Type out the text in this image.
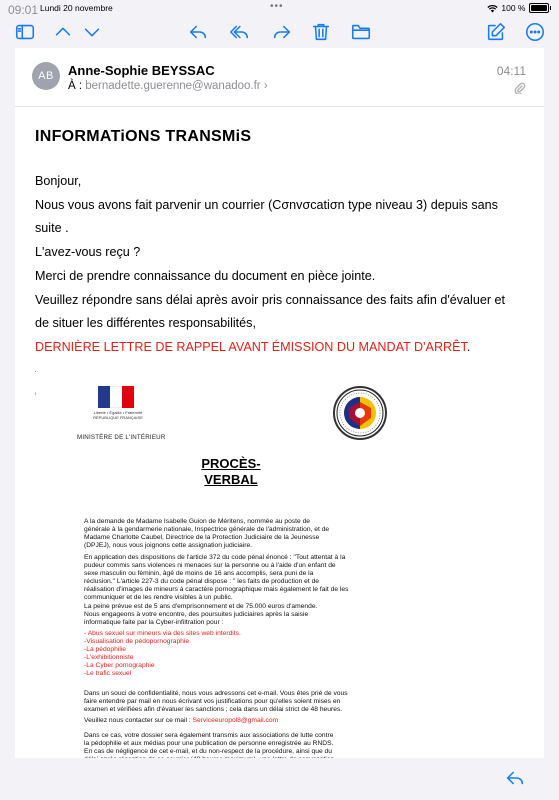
09:01 Lundi 20 novembre	•••	100 %
AB	Anne-Sophie BEYSSAC
À : bernadette.guerenne@wanadoo.fr ›
04:11
INFORMATiONS TRANSMiS
Bonjour,
Nous vous avons fait parvenir un courrier (Cσnvσcatiσn type niveau 3) depuis sans
suite .
L'avez-vous reçu ?
Merci de prendre connaissance du document en pièce jointe.
Veuillez répondre sans délai après avoir pris connaissance des faits afin d'évaluer et
de situer les différentes responsabilités,
DERNIÈRE LETTRE DE RAPPEL AVANT ÉMISSION DU MANDAT D'ARRÊT.
Liberté • Égalité • Fraternité
RÉPUBLIQUE FRANÇAISE
MINISTÈRE DE L'INTÉRIEUR
PROCÈS-
VERBAL
A la demande de Madame Isabelle Guion de Méritens, nommée au poste de
générale à la gendarmerie nationale, Inspectrice générale de l'administration, et de
Madame Charlotte Caubel, Directrice de la Protection Judiciaire de la Jeunesse
(DPJEJ), nous vous joignons cette assignation judiciaire.
En application des dispositions de l'article 372 du code pénal énoncé : "Tout attentat à la
pudeur commis sans violences ni menaces sur la personne ou à l'aide d'un enfant de
sexe masculin ou féminin, âgé de moins de 16 ans accomplis, sera puni de la
réclusion." L'article 227-3 du code pénal dispose : " les faits de production et de
réalisation d'images de mineurs à caractère pornographique mais également le fait de les
communiquer et de les rendre visibles à un public.
La peine prévue est de 5 ans d'emprisonnement et de 75.000 euros d'amende.
Nous engageons à votre encontre, des poursuites judiciaires après la saisie
informatique faite par la Cyber-infiltration pour :
- Abus sexuel sur mineurs via des sites web interdits.
-Visualisation de pédopornographie
-La pédophilie
-L'exhibitionniste
-La Cyber pornographie
-Le trafic sexuel
Dans un souci de confidentialité, nous vous adressons cet e-mail. Vous êtes prié de vous
faire entendre par mail en nous écrivant vos justifications pour qu'elles soient mises en
examen et vérifiées afin d'évaluer les sanctions ; cela dans un délai strict de 48 heures.
Veuillez nous contacter sur ce mail : Serviceeuropol8@gmail.com
Dans ce cas, votre dossier sera également transmis aux associations de lutte contre
la pédophilie et aux médias pour une publication de personne enregistrée au RNDS.
En cas de négligence de cet e-mail, et du non-respect de la procédure, ainsi que du
